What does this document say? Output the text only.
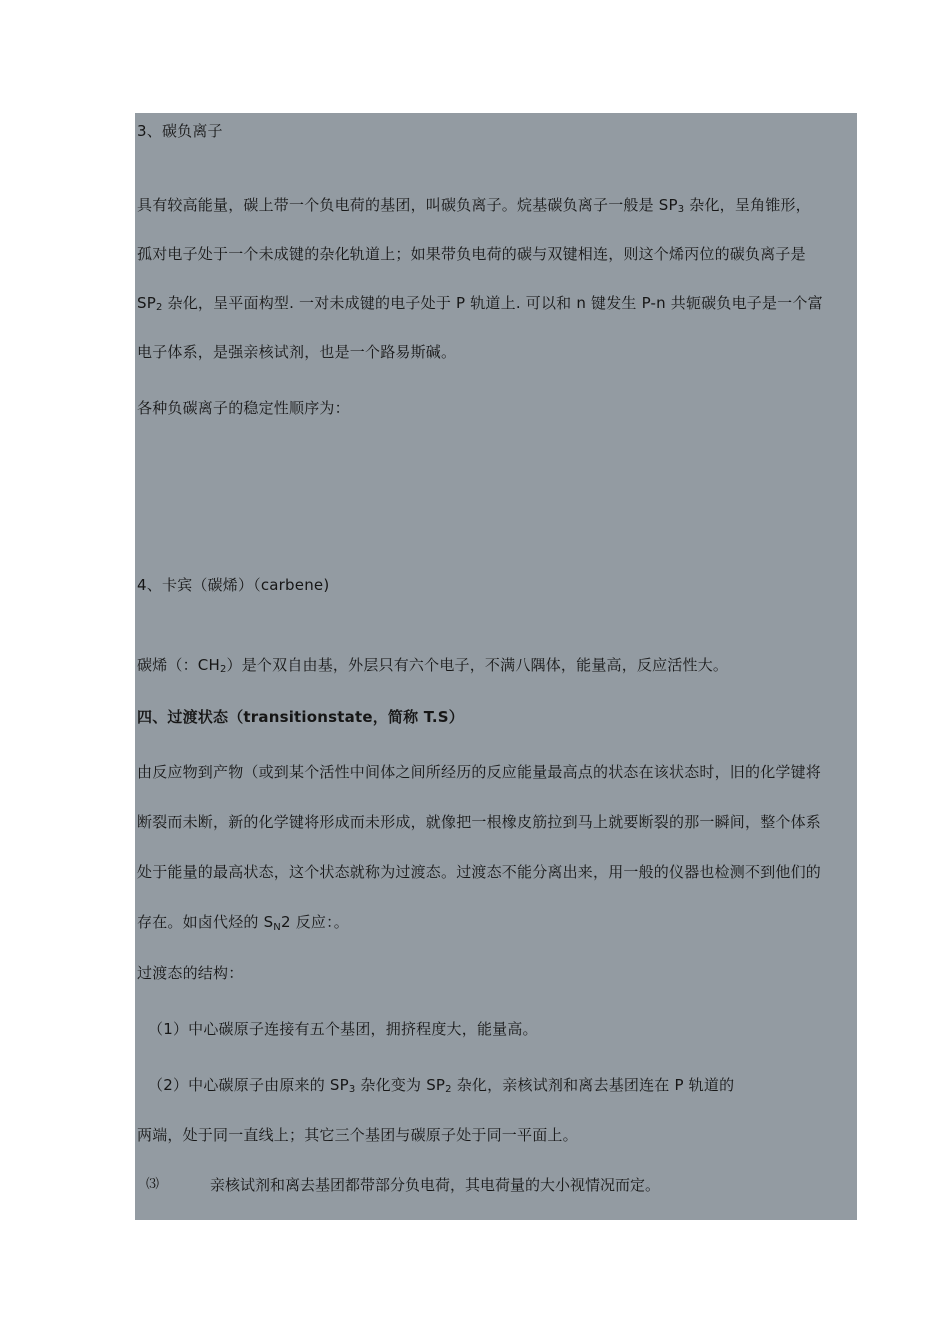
3、碳负离子
具有较高能量，碳上带一个负电荷的基团，叫碳负离子。烷基碳负离子一般是 $SP_3$ 杂化，呈角锥形，
孤对电子处于一个未成键的杂化轨道上；如果带负电荷的碳与双键相连，则这个烯丙位的碳负离子是
$SP_2$ 杂化，呈平面构型. 一对未成键的电子处于 P 轨道上. 可以和 n 键发生 P-n 共轭碳负电子是一个富
电子体系，是强亲核试剂，也是一个路易斯碱。
各种负碳离子的稳定性顺序为：
4、卡宾（碳烯）（carbene)
碳烯（：$CH_2$）是个双自由基，外层只有六个电子，不满八隅体，能量高，反应活性大。
四、过渡状态（transitionstate，简称 T.S）
由反应物到产物（或到某个活性中间体之间所经历的反应能量最高点的状态在该状态时，旧的化学键将
断裂而未断，新的化学键将形成而未形成，就像把一根橡皮筋拉到马上就要断裂的那一瞬间，整个体系
处于能量的最高状态，这个状态就称为过渡态。过渡态不能分离出来，用一般的仪器也检测不到他们的
存在。如卤代烃的 $S_N2$ 反应：。
过渡态的结构：
（1）中心碳原子连接有五个基团，拥挤程度大，能量高。
（2）中心碳原子由原来的 $SP_3$ 杂化变为 $SP_2$ 杂化，亲核试剂和离去基团连在 P 轨道的
两端，处于同一直线上；其它三个基团与碳原子处于同一平面上。
⑶	亲核试剂和离去基团都带部分负电荷，其电荷量的大小视情况而定。
